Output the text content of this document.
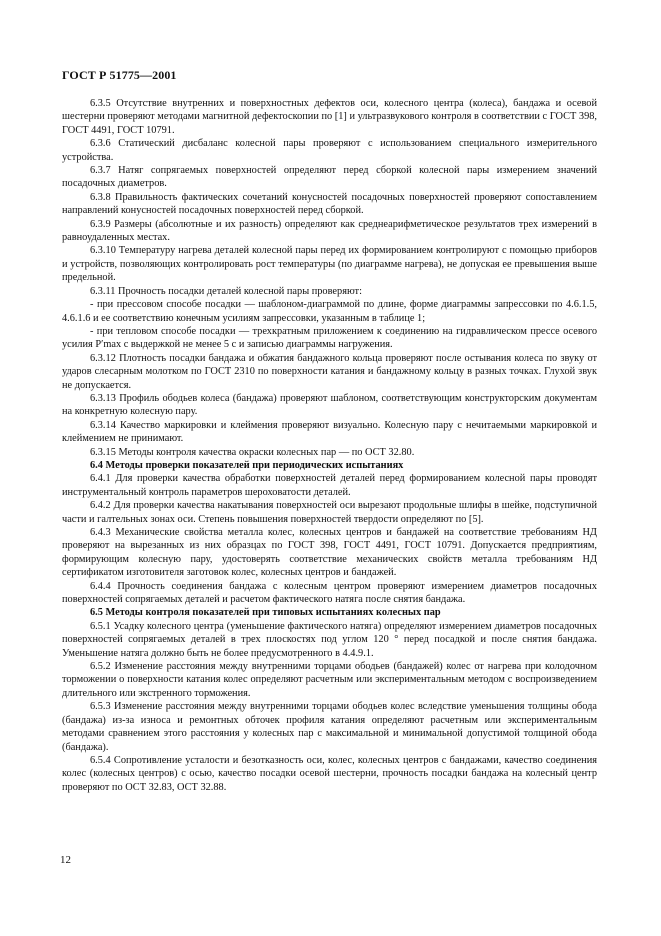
ГОСТ Р 51775—2001

6.3.5 Отсутствие внутренних и поверхностных дефектов оси, колесного центра (колеса), бандажа и осевой шестерни проверяют методами магнитной дефектоскопии по [1] и ультразвукового контроля в соответствии с ГОСТ 398, ГОСТ 4491, ГОСТ 10791.

6.3.6 Статический дисбаланс колесной пары проверяют с использованием специального измерительного устройства.

6.3.7 Натяг сопрягаемых поверхностей определяют перед сборкой колесной пары измерением значений посадочных диаметров.

6.3.8 Правильность фактических сочетаний конусностей посадочных поверхностей проверяют сопоставлением направлений конусностей посадочных поверхностей перед сборкой.

6.3.9 Размеры (абсолютные и их разность) определяют как среднеарифметическое результатов трех измерений в равноудаленных местах.

6.3.10 Температуру нагрева деталей колесной пары перед их формированием контролируют с помощью приборов и устройств, позволяющих контролировать рост температуры (по диаграмме нагрева), не допуская ее превышения выше предельной.

6.3.11 Прочность посадки деталей колесной пары проверяют:

- при прессовом способе посадки — шаблоном-диаграммой по длине, форме диаграммы запрессовки по 4.6.1.5, 4.6.1.6 и ее соответствию конечным усилиям запрессовки, указанным в таблице 1;

- при тепловом способе посадки — трехкратным приложением к соединению на гидравлическом прессе осевого усилия P′max с выдержкой не менее 5 с и записью диаграммы нагружения.

6.3.12 Плотность посадки бандажа и обжатия бандажного кольца проверяют после остывания колеса по звуку от ударов слесарным молотком по ГОСТ 2310 по поверхности катания и бандажному кольцу в разных точках. Глухой звук не допускается.

6.3.13 Профиль ободьев колеса (бандажа) проверяют шаблоном, соответствующим конструкторским документам на конкретную колесную пару.

6.3.14 Качество маркировки и клеймения проверяют визуально. Колесную пару с нечитаемыми маркировкой и клеймением не принимают.

6.3.15 Методы контроля качества окраски колесных пар — по ОСТ 32.80.

6.4 Методы проверки показателей при периодических испытаниях

6.4.1 Для проверки качества обработки поверхностей деталей перед формированием колесной пары проводят инструментальный контроль параметров шероховатости деталей.

6.4.2 Для проверки качества накатывания поверхностей оси вырезают продольные шлифы в шейке, подступичной части и галтельных зонах оси. Степень повышения поверхностей твердости определяют по [5].

6.4.3 Механические свойства металла колес, колесных центров и бандажей на соответствие требованиям НД проверяют на вырезанных из них образцах по ГОСТ 398, ГОСТ 4491, ГОСТ 10791. Допускается предприятиям, формирующим колесную пару, удостоверять соответствие механических свойств металла требованиям НД сертификатом изготовителя заготовок колес, колесных центров и бандажей.

6.4.4 Прочность соединения бандажа с колесным центром проверяют измерением диаметров посадочных поверхностей сопрягаемых деталей и расчетом фактического натяга после снятия бандажа.

6.5 Методы контроля показателей при типовых испытаниях колесных пар

6.5.1 Усадку колесного центра (уменьшение фактического натяга) определяют измерением диаметров посадочных поверхностей сопрягаемых деталей в трех плоскостях под углом 120 ° перед посадкой и после снятия бандажа. Уменьшение натяга должно быть не более предусмотренного в 4.4.9.1.

6.5.2 Изменение расстояния между внутренними торцами ободьев (бандажей) колес от нагрева при колодочном торможении о поверхности катания колес определяют расчетным или экспериментальным методом с воспроизведением длительного или экстренного торможения.

6.5.3 Изменение расстояния между внутренними торцами ободьев колес вследствие уменьшения толщины обода (бандажа) из-за износа и ремонтных обточек профиля катания определяют расчетным или экспериментальным методами сравнением этого расстояния у колесных пар с максимальной и минимальной допустимой толщиной обода (бандажа).

6.5.4 Сопротивление усталости и безотказность оси, колес, колесных центров с бандажами, качество соединения колес (колесных центров) с осью, качество посадки осевой шестерни, прочность посадки бандажа на колесный центр проверяют по ОСТ 32.83, ОСТ 32.88.

12
